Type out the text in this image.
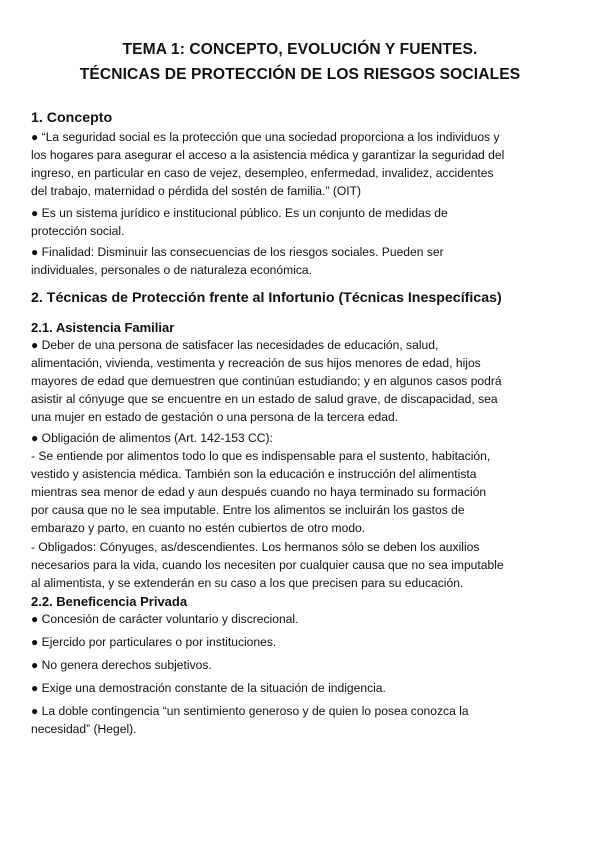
TEMA 1: CONCEPTO, EVOLUCIÓN Y FUENTES.
TÉCNICAS DE PROTECCIÓN DE LOS RIESGOS SOCIALES
1. Concepto
● “La seguridad social es la protección que una sociedad proporciona a los individuos y
los hogares para asegurar el acceso a la asistencia médica y garantizar la seguridad del
ingreso, en particular en caso de vejez, desempleo, enfermedad, invalidez, accidentes
del trabajo, maternidad o pérdida del sostén de familia.” (OIT)
● Es un sistema jurídico e institucional público. Es un conjunto de medidas de
protección social.
● Finalidad: Disminuir las consecuencias de los riesgos sociales. Pueden ser
individuales, personales o de naturaleza económica.
2. Técnicas de Protección frente al Infortunio (Técnicas Inespecíficas)
2.1. Asistencia Familiar
● Deber de una persona de satisfacer las necesidades de educación, salud,
alimentación, vivienda, vestimenta y recreación de sus hijos menores de edad, hijos
mayores de edad que demuestren que continúan estudiando; y en algunos casos podrá
asistir al cónyuge que se encuentre en un estado de salud grave, de discapacidad, sea
una mujer en estado de gestación o una persona de la tercera edad.
● Obligación de alimentos (Art. 142-153 CC):
- Se entiende por alimentos todo lo que es indispensable para el sustento, habitación,
vestido y asistencia médica. También son la educación e instrucción del alimentista
mientras sea menor de edad y aun después cuando no haya terminado su formación
por causa que no le sea imputable. Entre los alimentos se incluirán los gastos de
embarazo y parto, en cuanto no estén cubiertos de otro modo.
- Obligados: Cónyuges, as/descendientes. Los hermanos sólo se deben los auxilios
necesarios para la vida, cuando los necesiten por cualquier causa que no sea imputable
al alimentista, y se extenderán en su caso a los que precisen para su educación.
2.2. Beneficencia Privada
● Concesión de carácter voluntario y discrecional.
● Ejercido por particulares o por instituciones.
● No genera derechos subjetivos.
● Exige una demostración constante de la situación de indigencia.
● La doble contingencia “un sentimiento generoso y de quien lo posea conozca la
necesidad” (Hegel).
